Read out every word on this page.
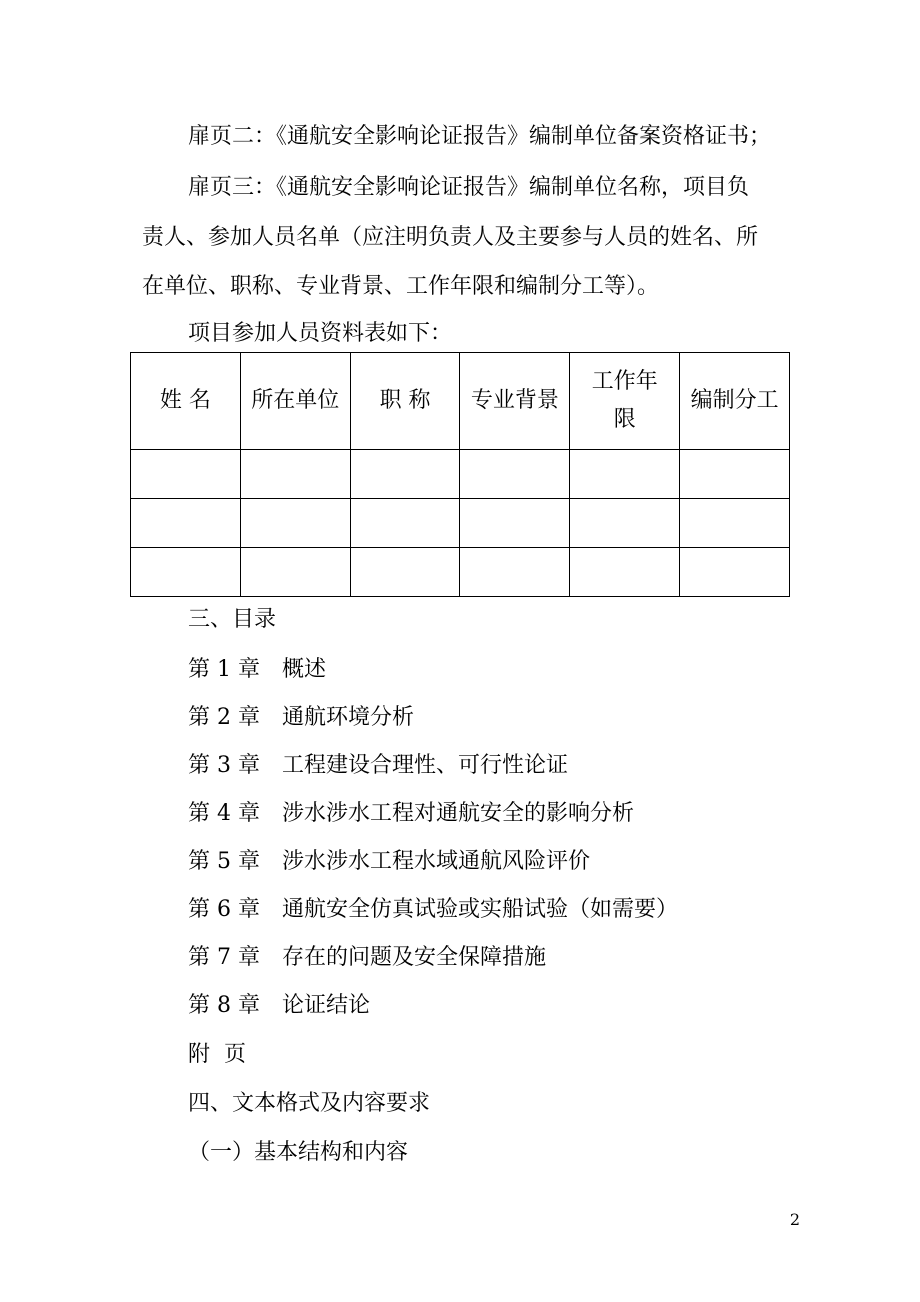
扉页二：《通航安全影响论证报告》编制单位备案资格证书；

扉页三：《通航安全影响论证报告》编制单位名称，项目负

责人、参加人员名单（应注明负责人及主要参与人员的姓名、所

在单位、职称、专业背景、工作年限和编制分工等）。

项目参加人员资料表如下：

姓 名	所在单位	职 称	专业背景	工作年限	编制分工

三、目录

第 1 章 概述

第 2 章 通航环境分析

第 3 章 工程建设合理性、可行性论证

第 4 章 涉水涉水工程对通航安全的影响分析

第 5 章 涉水涉水工程水域通航风险评价

第 6 章 通航安全仿真试验或实船试验（如需要）

第 7 章 存在的问题及安全保障措施

第 8 章 论证结论

附  页

四、文本格式及内容要求

（一）基本结构和内容

2
